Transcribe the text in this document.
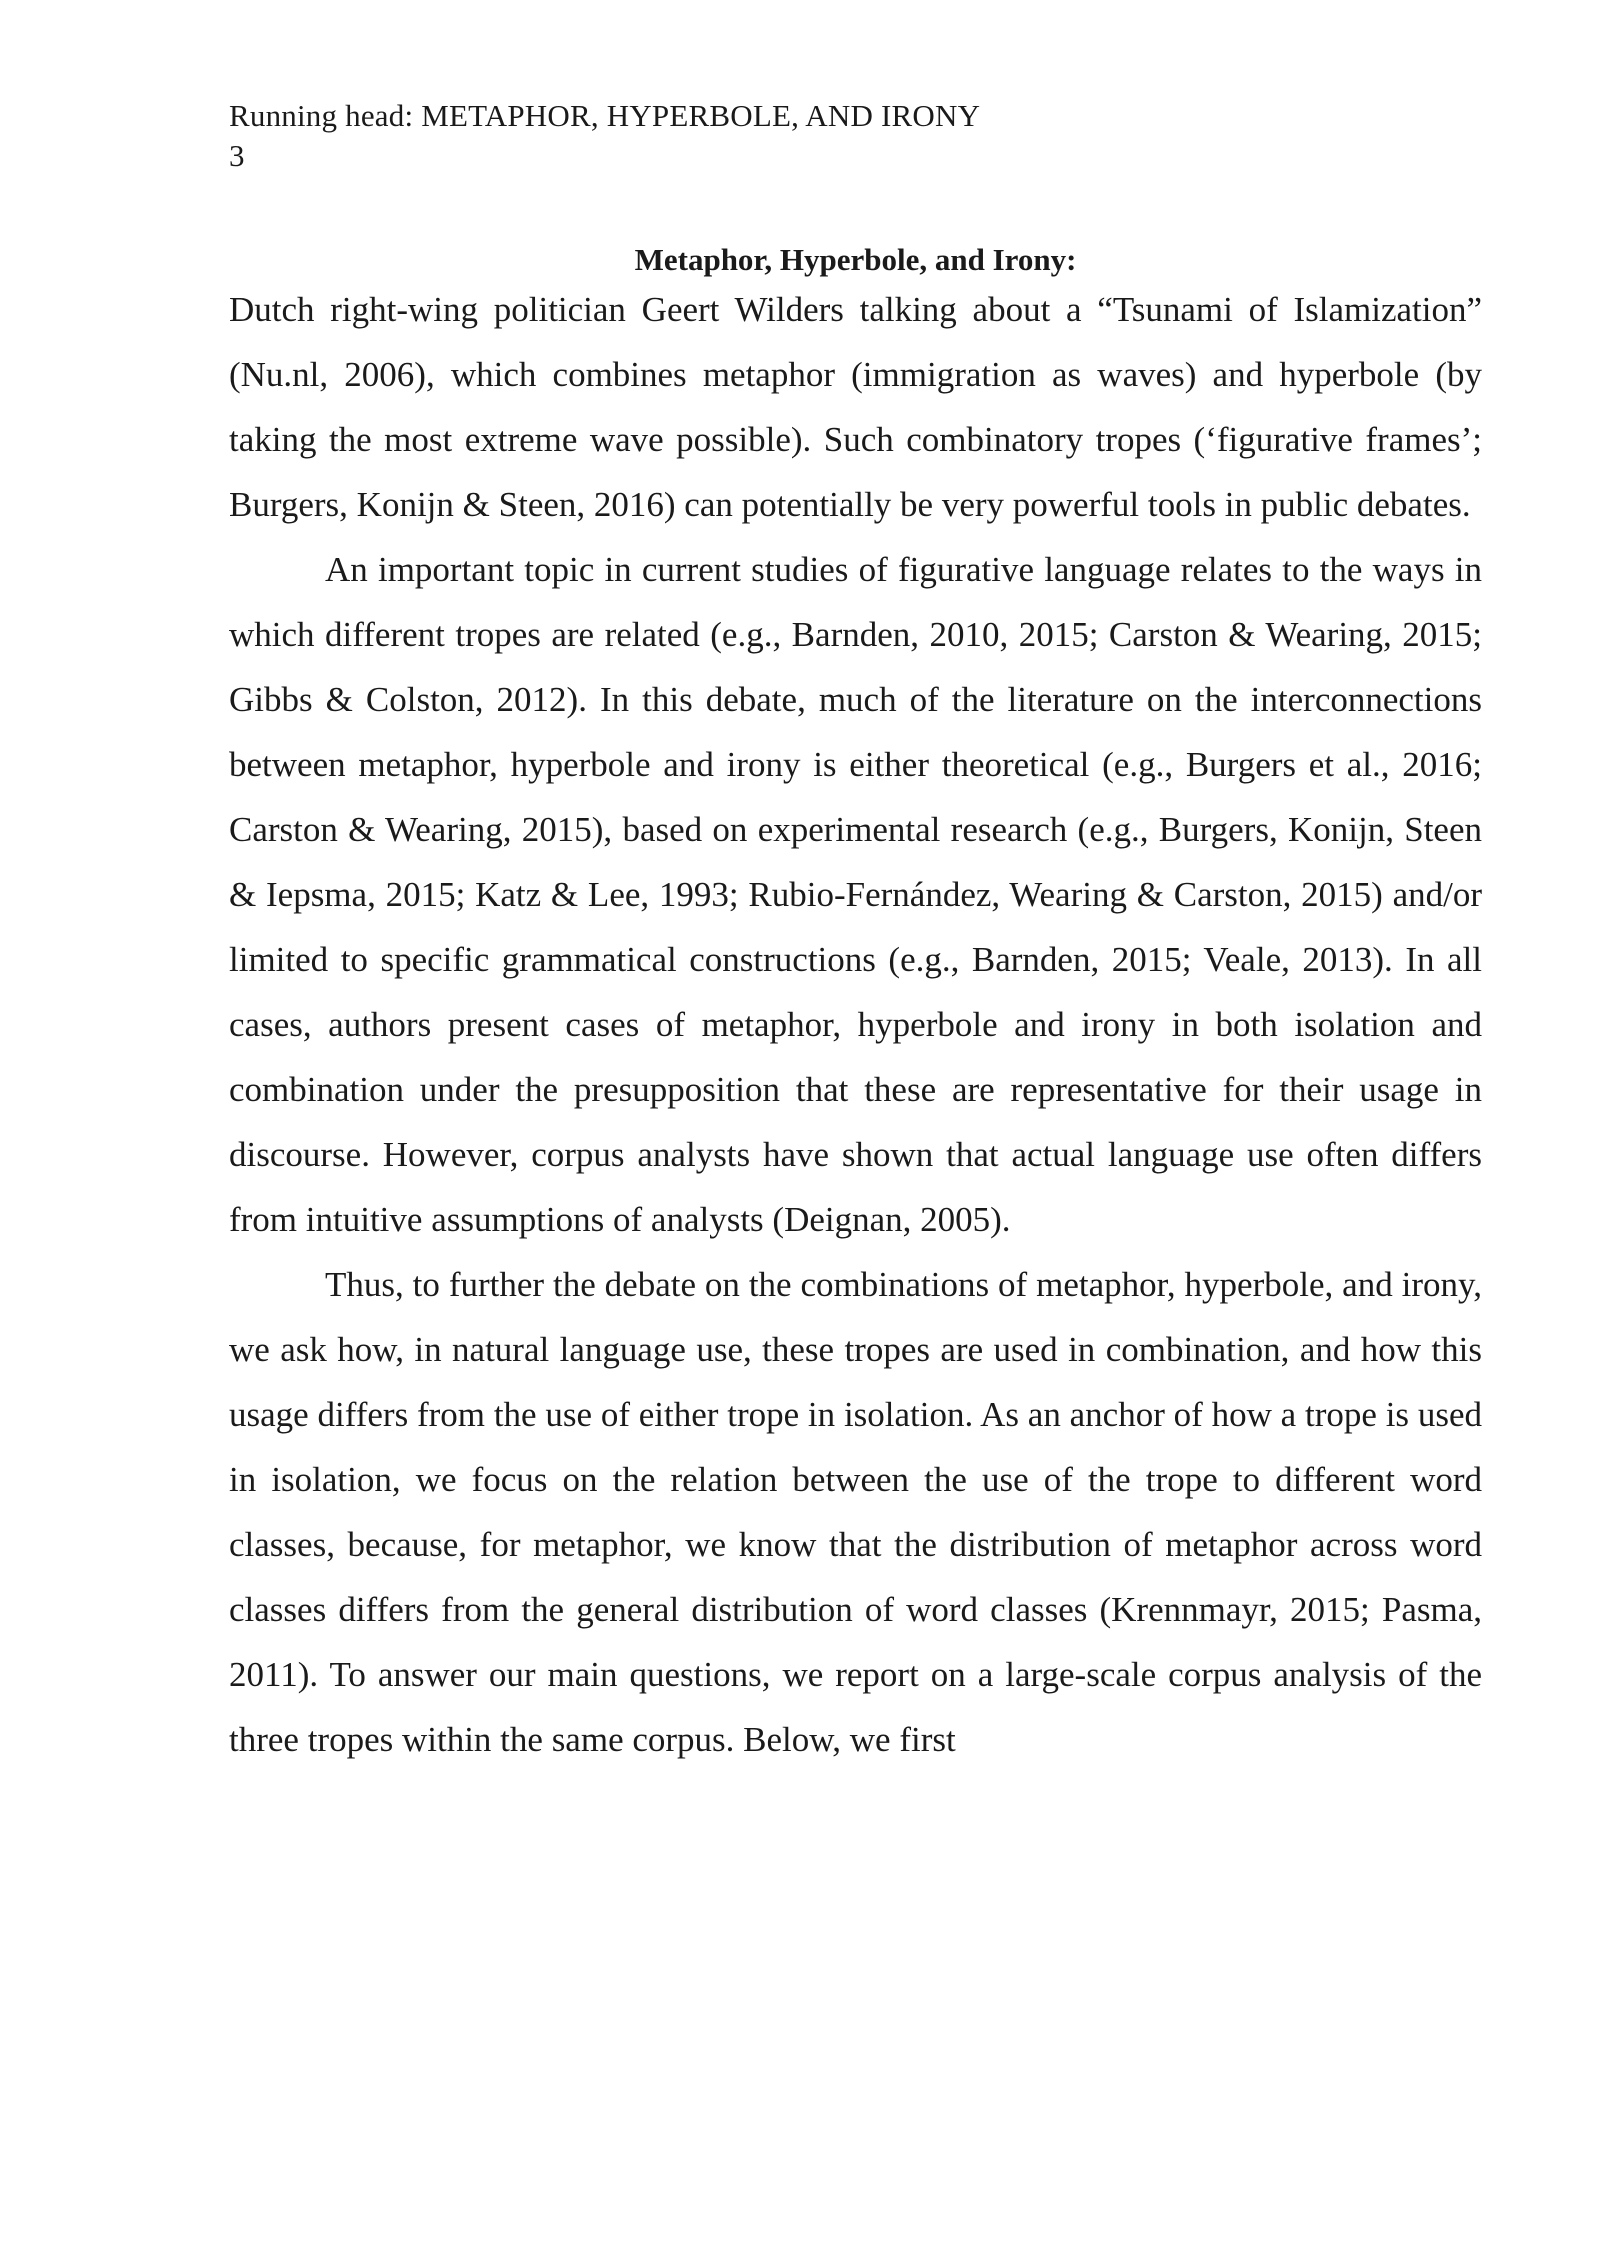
Running head: METAPHOR, HYPERBOLE, AND IRONY
3
Metaphor, Hyperbole, and Irony:

Dutch right-wing politician Geert Wilders talking about a “Tsunami of Islamization” (Nu.nl, 2006), which combines metaphor (immigration as waves) and hyperbole (by taking the most extreme wave possible). Such combinatory tropes (‘figurative frames’; Burgers, Konijn & Steen, 2016) can potentially be very powerful tools in public debates.

An important topic in current studies of figurative language relates to the ways in which different tropes are related (e.g., Barnden, 2010, 2015; Carston & Wearing, 2015; Gibbs & Colston, 2012). In this debate, much of the literature on the interconnections between metaphor, hyperbole and irony is either theoretical (e.g., Burgers et al., 2016; Carston & Wearing, 2015), based on experimental research (e.g., Burgers, Konijn, Steen & Iepsma, 2015; Katz & Lee, 1993; Rubio-Fernández, Wearing & Carston, 2015) and/or limited to specific grammatical constructions (e.g., Barnden, 2015; Veale, 2013). In all cases, authors present cases of metaphor, hyperbole and irony in both isolation and combination under the presupposition that these are representative for their usage in discourse. However, corpus analysts have shown that actual language use often differs from intuitive assumptions of analysts (Deignan, 2005).

Thus, to further the debate on the combinations of metaphor, hyperbole, and irony, we ask how, in natural language use, these tropes are used in combination, and how this usage differs from the use of either trope in isolation. As an anchor of how a trope is used in isolation, we focus on the relation between the use of the trope to different word classes, because, for metaphor, we know that the distribution of metaphor across word classes differs from the general distribution of word classes (Krennmayr, 2015; Pasma, 2011). To answer our main questions, we report on a large-scale corpus analysis of the three tropes within the same corpus. Below, we first
